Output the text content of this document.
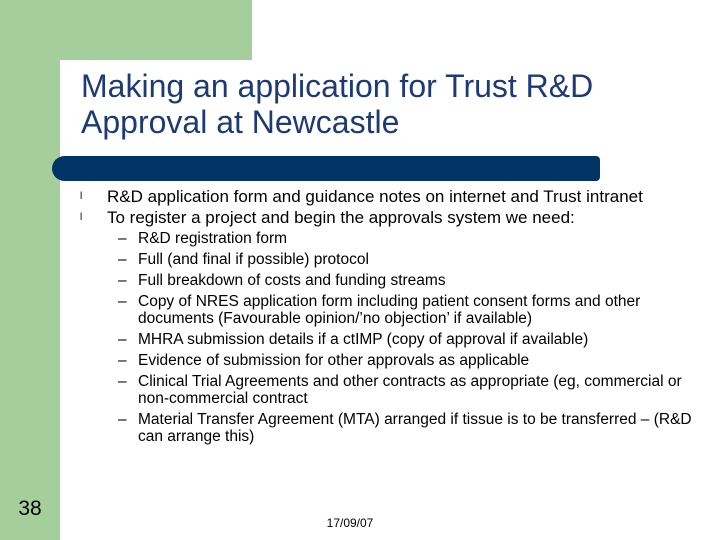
Making an application for Trust R&D Approval at Newcastle
l R&D application form and guidance notes on internet and Trust intranet
l To register a project and begin the approvals system we need:
– R&D registration form
– Full (and final if possible) protocol
– Full breakdown of costs and funding streams
– Copy of NRES application form including patient consent forms and other documents (Favourable opinion/’no objection’ if available)
– MHRA submission details if a ctIMP (copy of approval if available)
– Evidence of submission for other approvals as applicable
– Clinical Trial Agreements and other contracts as appropriate (eg, commercial or non-commercial contract
– Material Transfer Agreement (MTA) arranged if tissue is to be transferred – (R&D can arrange this)
38
17/09/07
